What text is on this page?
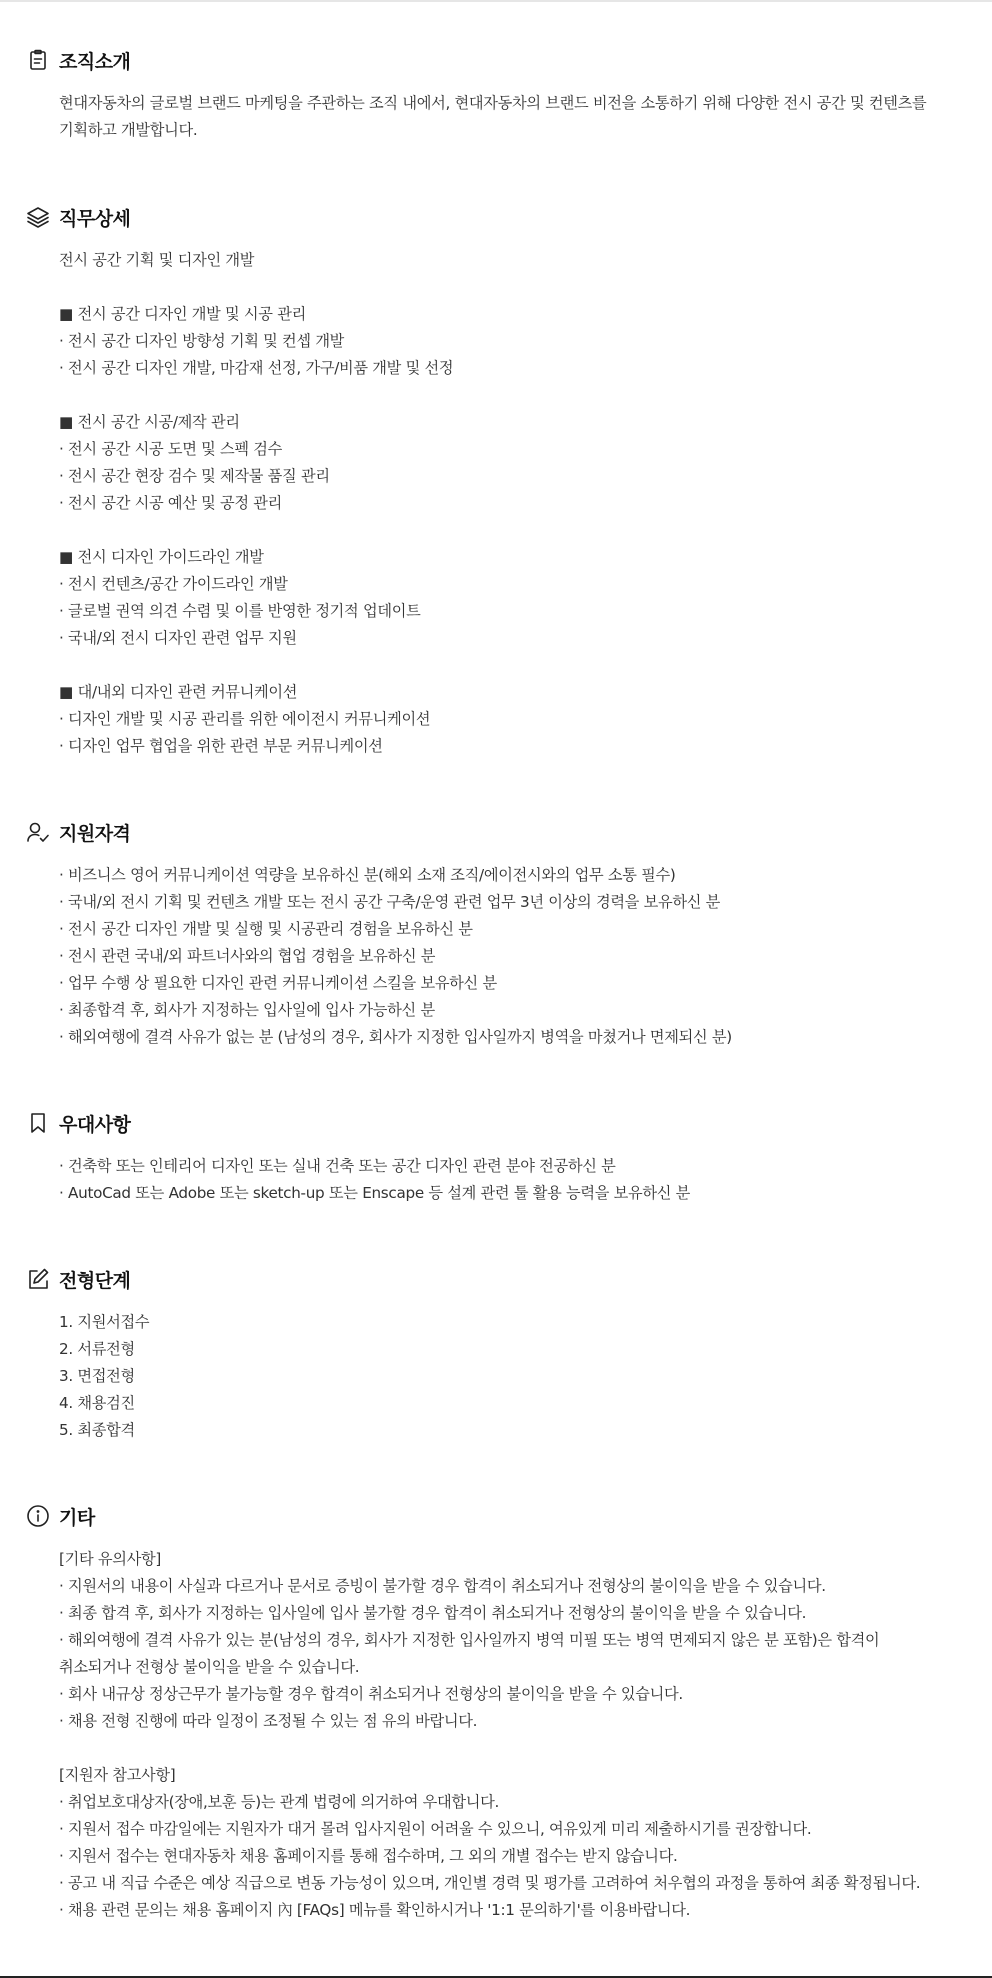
조직소개
현대자동차의 글로벌 브랜드 마케팅을 주관하는 조직 내에서, 현대자동차의 브랜드 비전을 소통하기 위해 다양한 전시 공간 및 컨텐츠를
기획하고 개발합니다.
직무상세
전시 공간 기획 및 디자인 개발
■ 전시 공간 디자인 개발 및 시공 관리
· 전시 공간 디자인 방향성 기획 및 컨셉 개발
· 전시 공간 디자인 개발, 마감재 선정, 가구/비품 개발 및 선정
■ 전시 공간 시공/제작 관리
· 전시 공간 시공 도면 및 스펙 검수
· 전시 공간 현장 검수 및 제작물 품질 관리
· 전시 공간 시공 예산 및 공정 관리
■ 전시 디자인 가이드라인 개발
· 전시 컨텐츠/공간 가이드라인 개발
· 글로벌 권역 의견 수렴 및 이를 반영한 정기적 업데이트
· 국내/외 전시 디자인 관련 업무 지원
■ 대/내외 디자인 관련 커뮤니케이션
· 디자인 개발 및 시공 관리를 위한 에이전시 커뮤니케이션
· 디자인 업무 협업을 위한 관련 부문 커뮤니케이션
지원자격
· 비즈니스 영어 커뮤니케이션 역량을 보유하신 분(해외 소재 조직/에이전시와의 업무 소통 필수)
· 국내/외 전시 기획 및 컨텐츠 개발 또는 전시 공간 구축/운영 관련 업무 3년 이상의 경력을 보유하신 분
· 전시 공간 디자인 개발 및 실행 및 시공관리 경험을 보유하신 분
· 전시 관련 국내/외 파트너사와의 협업 경험을 보유하신 분
· 업무 수행 상 필요한 디자인 관련 커뮤니케이션 스킬을 보유하신 분
· 최종합격 후, 회사가 지정하는 입사일에 입사 가능하신 분
· 해외여행에 결격 사유가 없는 분 (남성의 경우, 회사가 지정한 입사일까지 병역을 마쳤거나 면제되신 분)
우대사항
· 건축학 또는 인테리어 디자인 또는 실내 건축 또는 공간 디자인 관련 분야 전공하신 분
· AutoCad 또는 Adobe 또는 sketch-up 또는 Enscape 등 설계 관련 툴 활용 능력을 보유하신 분
전형단계
1. 지원서접수
2. 서류전형
3. 면접전형
4. 채용검진
5. 최종합격
기타
[기타 유의사항]
· 지원서의 내용이 사실과 다르거나 문서로 증빙이 불가할 경우 합격이 취소되거나 전형상의 불이익을 받을 수 있습니다.
· 최종 합격 후, 회사가 지정하는 입사일에 입사 불가할 경우 합격이 취소되거나 전형상의 불이익을 받을 수 있습니다.
· 해외여행에 결격 사유가 있는 분(남성의 경우, 회사가 지정한 입사일까지 병역 미필 또는 병역 면제되지 않은 분 포함)은 합격이
취소되거나 전형상 불이익을 받을 수 있습니다.
· 회사 내규상 정상근무가 불가능할 경우 합격이 취소되거나 전형상의 불이익을 받을 수 있습니다.
· 채용 전형 진행에 따라 일정이 조정될 수 있는 점 유의 바랍니다.
[지원자 참고사항]
· 취업보호대상자(장애,보훈 등)는 관계 법령에 의거하여 우대합니다.
· 지원서 접수 마감일에는 지원자가 대거 몰려 입사지원이 어려울 수 있으니, 여유있게 미리 제출하시기를 권장합니다.
· 지원서 접수는 현대자동차 채용 홈페이지를 통해 접수하며, 그 외의 개별 접수는 받지 않습니다.
· 공고 내 직급 수준은 예상 직급으로 변동 가능성이 있으며, 개인별 경력 및 평가를 고려하여 처우협의 과정을 통하여 최종 확정됩니다.
· 채용 관련 문의는 채용 홈페이지 內 [FAQs] 메뉴를 확인하시거나 '1:1 문의하기'를 이용바랍니다.
